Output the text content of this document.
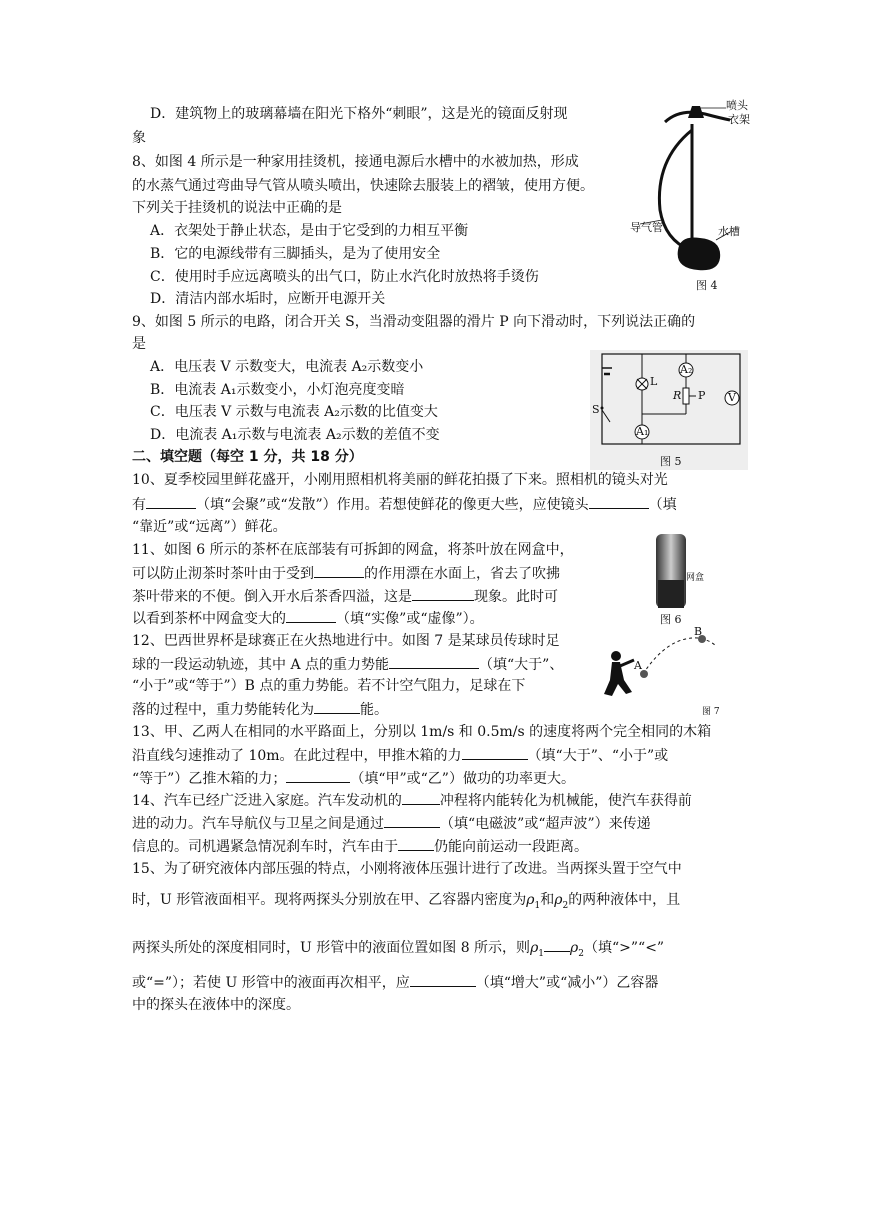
D．建筑物上的玻璃幕墙在阳光下格外“刺眼”，这是光的镜面反射现
象
8、如图 4 所示是一种家用挂烫机，接通电源后水槽中的水被加热，形成
的水蒸气通过弯曲导气管从喷头喷出，快速除去服装上的褶皱，使用方便。
下列关于挂烫机的说法中正确的是
A．衣架处于静止状态，是由于它受到的力相互平衡
B．它的电源线带有三脚插头，是为了使用安全
C．使用时手应远离喷头的出气口，防止水汽化时放热将手烫伤
D．清洁内部水垢时，应断开电源开关
喷头
衣架
导气管	水槽
图 4
9、如图 5 所示的电路，闭合开关 S，当滑动变阻器的滑片 P 向下滑动时，下列说法正确的
是
A．电压表 V 示数变大，电流表 A₂示数变小
B．电流表 A₁示数变小，小灯泡亮度变暗
C．电压表 V 示数与电流表 A₂示数的比值变大
D．电流表 A₁示数与电流表 A₂示数的差值不变
L
A₂
R P V
A₁
S
图 5
二、填空题（每空 1 分，共 18 分）
10、夏季校园里鲜花盛开，小刚用照相机将美丽的鲜花拍摄了下来。照相机的镜头对光
有	（填“会聚”或“发散”）作用。若想使鲜花的像更大些，应使镜头	（填
“靠近”或“远离”）鲜花。
11、如图 6 所示的茶杯在底部装有可拆卸的网盒，将茶叶放在网盒中，
可以防止沏茶时茶叶由于受到	的作用漂在水面上，省去了吹拂
茶叶带来的不便。倒入开水后茶香四溢，这是	现象。此时可
以看到茶杯中网盒变大的	（填“实像”或“虚像”）。
网盒
图 6
12、巴西世界杯是球赛正在火热地进行中。如图 7 是某球员传球时足
球的一段运动轨迹，其中 A 点的重力势能	（填“大于”、
“小于”或“等于”）B 点的重力势能。若不计空气阻力，足球在下
落的过程中，重力势能转化为	能。
A
B
图 7
13、甲、乙两人在相同的水平路面上，分别以 1m/s 和 0.5m/s 的速度将两个完全相同的木箱
沿直线匀速推动了 10m。在此过程中，甲推木箱的力	（填“大于”、“小于”或
“等于”）乙推木箱的力；	（填“甲”或“乙”）做功的功率更大。
14、汽车已经广泛进入家庭。汽车发动机的	冲程将内能转化为机械能，使汽车获得前
进的动力。汽车导航仪与卫星之间是通过	（填“电磁波”或“超声波”）来传递
信息的。司机遇紧急情况刹车时，汽车由于	仍能向前运动一段距离。
15、为了研究液体内部压强的特点，小刚将液体压强计进行了改进。当两探头置于空气中
时，U 形管液面相平。现将两探头分别放在甲、乙容器内密度为$\rho_1$和$\rho_2$的两种液体中，且
两探头所处的深度相同时，U 形管中的液面位置如图 8 所示，则$\rho_1$ $\rho_2$（填“>”“<”
或“=”）；若使 U 形管中的液面再次相平，应	（填“增大”或“减小”）乙容器
中的探头在液体中的深度。
